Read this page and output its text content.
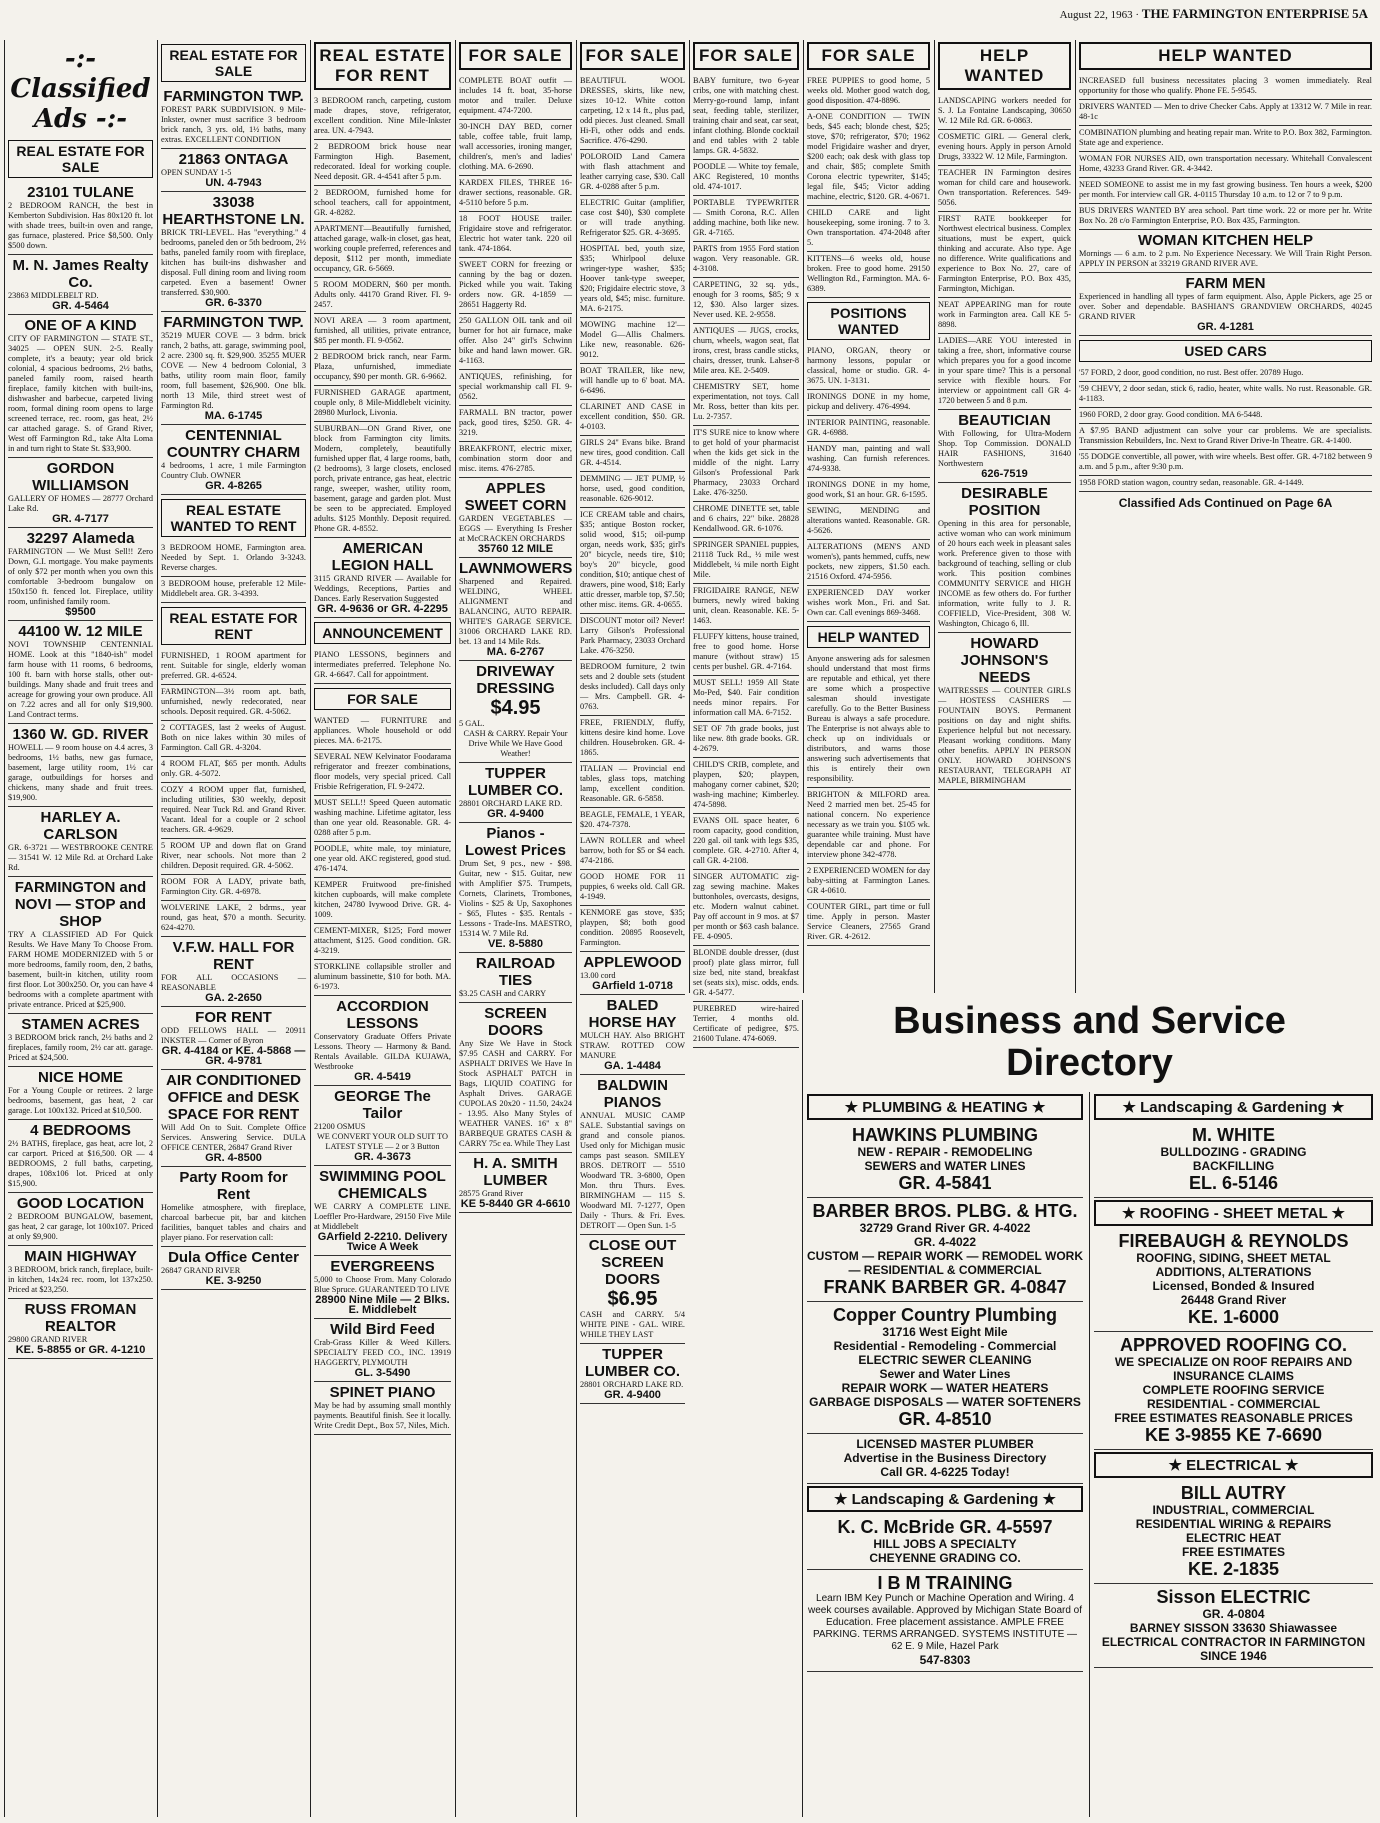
August 22, 1963 · THE FARMINGTON ENTERPRISE 5A
-:- Classified Ads -:-
REAL ESTATE FOR SALE
23101 TULANE
2 BEDROOM RANCH, the best in Kemberton Subdivision. Has 80x120 ft. lot with shade trees, built-in oven and range, gas furnace, plastered. Price $8,500. Only $500 down.
M. N. James Realty Co.
23863 MIDDLEBELT RD.
GR. 4-5464
ONE OF A KIND
CITY OF FARMINGTON — STATE ST., 34025 — OPEN SUN. 2-5. Really complete, it's a beauty; year old brick colonial, 4 spacious bedrooms, 2½ baths, paneled family room, raised hearth fireplace, family kitchen with built-ins, dishwasher and barbecue, carpeted living room, formal dining room opens to large screened terrace, rec. room, gas heat, 2½ car attached garage. S. of Grand River, West off Farmington Rd., take Alta Loma in and turn right to State St. $33,900.
GORDON WILLIAMSON
GALLERY OF HOMES — 28777 Orchard Lake Rd.
GR. 4-7177
32297 Alameda
FARMINGTON — We Must Sell!! Zero Down, G.I. mortgage. You make payments of only $72 per month when you own this comfortable 3-bedroom bungalow on 150x150 ft. fenced lot. Fireplace, utility room, unfinished family room.
$9500
44100 W. 12 MILE
NOVI TOWNSHIP CENTENNIAL HOME. Look at this "1840-ish" model farm house with 11 rooms, 6 bedrooms, 100 ft. barn with horse stalls, other out-buildings. Many shade and fruit trees and acreage for growing your own produce. All on 7.22 acres and all for only $19,900. Land Contract terms.
1360 W. GD. RIVER
HOWELL — 9 room house on 4.4 acres, 3 bedrooms, 1½ baths, new gas furnace, basement, large utility room, 1½ car garage, outbuildings for horses and chickens, many shade and fruit trees. $19,900.
HARLEY A. CARLSON
GR. 6-3721 — WESTBROOKE CENTRE — 31541 W. 12 Mile Rd. at Orchard Lake Rd.
FARMINGTON and NOVI — STOP and SHOP
TRY A CLASSIFIED AD For Quick Results. We Have Many To Choose From. FARM HOME MODERNIZED with 5 or more bedrooms, family room, den, 2 baths, basement, built-in kitchen, utility room first floor. Lot 300x250. Or, you can have 4 bedrooms with a complete apartment with private entrance. Priced at $25,900.
STAMEN ACRES
3 BEDROOM brick ranch, 2½ baths and 2 fireplaces, family room, 2½ car att. garage. Priced at $24,500.
NICE HOME
For a Young Couple or retirees. 2 large bedrooms, basement, gas heat, 2 car garage. Lot 100x132. Priced at $10,500.
4 BEDROOMS
2½ BATHS, fireplace, gas heat, acre lot, 2 car carport. Priced at $16,500. OR — 4 BEDROOMS, 2 full baths, carpeting, drapes, 108x106 lot. Priced at only $15,900.
GOOD LOCATION
2 BEDROOM BUNGALOW, basement, gas heat, 2 car garage, lot 100x107. Priced at only $9,900.
MAIN HIGHWAY
3 BEDROOM, brick ranch, fireplace, built-in kitchen, 14x24 rec. room, lot 137x250. Priced at $23,250.
RUSS FROMAN REALTOR
29800 GRAND RIVER
KE. 5-8855 or GR. 4-1210
REAL ESTATE FOR SALE
FARMINGTON TWP.
FOREST PARK SUBDIVISION. 9 Mile-Inkster, owner must sacrifice 3 bedroom brick ranch, 3 yrs. old, 1½ baths, many extras. EXCELLENT CONDITION
21863 ONTAGA
OPEN SUNDAY 1-5
UN. 4-7943
33038 HEARTHSTONE LN.
BRICK TRI-LEVEL. Has "everything." 4 bedrooms, paneled den or 5th bedroom, 2½ baths, paneled family room with fireplace, kitchen has built-ins dishwasher and disposal. Full dining room and living room carpeted. Even a basement! Owner transferred. $30,900.
GR. 6-3370
FARMINGTON TWP.
35219 MUER COVE — 3 bdrm. brick ranch, 2 baths, att. garage, swimming pool, 2 acre. 2300 sq. ft. $29,900. 35255 MUER COVE — New 4 bedroom Colonial, 3 baths, utility room main floor, family room, full basement, $26,900. One blk. north 13 Mile, third street west of Farmington Rd.
MA. 6-1745
CENTENNIAL COUNTRY CHARM
4 bedrooms, 1 acre, 1 mile Farmington Country Club. OWNER
GR. 4-8265
REAL ESTATE WANTED TO RENT
3 BEDROOM HOME, Farmington area. Needed by Sept. 1. Orlando 3-3243. Reverse charges.
3 BEDROOM house, preferable 12 Mile-Middlebelt area. GR. 3-4393.
REAL ESTATE FOR RENT
FURNISHED, 1 ROOM apartment for rent. Suitable for single, elderly woman preferred. GR. 4-6524.
FARMINGTON—3½ room apt. bath, unfurnished, newly redecorated, near schools. Deposit required. GR. 4-5062.
2 COTTAGES, last 2 weeks of August. Both on nice lakes within 30 miles of Farmington. Call GR. 4-3204.
4 ROOM FLAT, $65 per month. Adults only. GR. 4-5072.
COZY 4 ROOM upper flat, furnished, including utilities, $30 weekly, deposit required. Near Tuck Rd. and Grand River. Vacant. Ideal for a couple or 2 school teachers. GR. 4-9629.
5 ROOM UP and down flat on Grand River, near schools. Not more than 2 children. Deposit required. GR. 4-5062.
ROOM FOR A LADY, private bath, Farmington City. GR. 4-6978.
WOLVERINE LAKE, 2 bdrms., year round, gas heat, $70 a month. Security. 624-4270.
V.F.W. HALL FOR RENT
FOR ALL OCCASIONS — REASONABLE
GA. 2-2650
FOR RENT
ODD FELLOWS HALL — 20911 INKSTER — Corner of Byron
GR. 4-4184 or KE. 4-5868 — GR. 4-9781
AIR CONDITIONED OFFICE and DESK SPACE FOR RENT
Will Add On to Suit. Complete Office Services. Answering Service. DULA OFFICE CENTER, 26847 Grand River
GR. 4-8500
Party Room for Rent
Homelike atmosphere, with fireplace, charcoal barbecue pit, bar and kitchen facilities, banquet tables and chairs and player piano. For reservation call:
Dula Office Center
26847 GRAND RIVER
KE. 3-9250
REAL ESTATE FOR RENT
3 BEDROOM ranch, carpeting, custom made drapes, stove, refrigerator, excellent condition. Nine Mile-Inkster area. UN. 4-7943.
2 BEDROOM brick house near Farmington High. Basement, redecorated. Ideal for working couple. Need deposit. GR. 4-4541 after 5 p.m.
2 BEDROOM, furnished home for school teachers, call for appointment, GR. 4-8282.
APARTMENT—Beautifully furnished, attached garage, walk-in closet, gas heat, working couple preferred, references and deposit, $112 per month, immediate occupancy, GR. 6-5669.
5 ROOM MODERN, $60 per month. Adults only. 44170 Grand River. FI. 9-2457.
NOVI AREA — 3 room apartment, furnished, all utilities, private entrance, $85 per month. FI. 9-0562.
2 BEDROOM brick ranch, near Farm. Plaza, unfurnished, immediate occupancy, $90 per month. GR. 6-9662.
FURNISHED GARAGE apartment, couple only, 8 Mile-Middlebelt vicinity. 28980 Murlock, Livonia.
SUBURBAN—ON Grand River, one block from Farmington city limits. Modern, completely, beautifully furnished upper flat, 4 large rooms, bath, (2 bedrooms), 3 large closets, enclosed porch, private entrance, gas heat, electric range, sweeper, washer, utility room, basement, garage and garden plot. Must be seen to be appreciated. Employed adults. $125 Monthly. Deposit required. Phone GR. 4-8552.
AMERICAN LEGION HALL
3115 GRAND RIVER — Available for Weddings, Receptions, Parties and Dances. Early Reservation Suggested
GR. 4-9636 or GR. 4-2295
ANNOUNCEMENT
PIANO LESSONS, beginners and intermediates preferred. Telephone No. GR. 4-6647. Call for appointment.
FOR SALE
WANTED — FURNITURE and appliances. Whole household or odd pieces. MA. 6-2175.
SEVERAL NEW Kelvinator Foodarama refrigerator and freezer combinations, floor models, very special priced. Call Frisbie Refrigeration, FI. 9-2472.
MUST SELL!! Speed Queen automatic washing machine. Lifetime agitator, less than one year old. Reasonable. GR. 4-0288 after 5 p.m.
POODLE, white male, toy miniature, one year old. AKC registered, good stud. 476-1474.
KEMPER Fruitwood pre-finished kitchen cupboards, will make complete kitchen, 24780 Ivywood Drive. GR. 4-1009.
CEMENT-MIXER, $125; Ford mower attachment, $125. Good condition. GR. 4-3219.
STORKLINE collapsible stroller and aluminum bassinette, $10 for both. MA. 6-1973.
ACCORDION LESSONS
Conservatory Graduate Offers Private Lessons. Theory — Harmony & Band. Rentals Available. GILDA KUJAWA, Westbrooke
GR. 4-5419
GEORGE The Tailor
21200 OSMUS
WE CONVERT YOUR OLD SUIT TO LATEST STYLE — 2 or 3 Button
GR. 4-3673
SWIMMING POOL CHEMICALS
WE CARRY A COMPLETE LINE. Loeffler Pro-Hardware, 29150 Five Mile at Middlebelt
GArfield 2-2210. Delivery Twice A Week
EVERGREENS
5,000 to Choose From. Many Colorado Blue Spruce. GUARANTEED TO LIVE
28900 Nine Mile — 2 Blks. E. Middlebelt
Wild Bird Feed
Crab-Grass Killer & Weed Killers. SPECIALTY FEED CO., INC. 13919 HAGGERTY, PLYMOUTH
GL. 3-5490
SPINET PIANO
May be had by assuming small monthly payments. Beautiful finish. See it locally. Write Credit Dept., Box 57, Niles, Mich.
FOR SALE
COMPLETE BOAT outfit — includes 14 ft. boat, 35-horse motor and trailer. Deluxe equipment. 474-7200.
30-INCH DAY BED, corner table, coffee table, fruit lamp, wall accessories, ironing manger, children's, men's and ladies' clothing. MA. 6-2690.
KARDEX FILES, THREE 16-drawer sections, reasonable. GR. 4-5110 before 5 p.m.
18 FOOT HOUSE trailer. Frigidaire stove and refrigerator. Electric hot water tank. 220 oil tank. 474-1864.
SWEET CORN for freezing or canning by the bag or dozen. Picked while you wait. Taking orders now. GR. 4-1859 — 28651 Haggerty Rd.
250 GALLON OIL tank and oil burner for hot air furnace, make offer. Also 24" girl's Schwinn bike and hand lawn mower. GR. 4-1163.
ANTIQUES, refinishing, for special workmanship call FI. 9-0562.
FARMALL BN tractor, power pack, good tires, $250. GR. 4-3219.
BREAKFRONT, electric mixer, combination storm door and misc. items. 476-2785.
APPLES SWEET CORN
GARDEN VEGETABLES — EGGS — Everything Is Fresher at McCRACKEN ORCHARDS
35760 12 MILE
LAWNMOWERS
Sharpened and Repaired. WELDING, WHEEL ALIGNMENT and BALANCING, AUTO REPAIR. WHITE'S GARAGE SERVICE. 31006 ORCHARD LAKE RD. bet. 13 and 14 Mile Rds.
MA. 6-2767
DRIVEWAY DRESSING
$4.95
5 GAL.
CASH & CARRY. Repair Your Drive While We Have Good Weather!
TUPPER LUMBER CO.
28801 ORCHARD LAKE RD.
GR. 4-9400
Pianos - Lowest Prices
Drum Set, 9 pcs., new - $98. Guitar, new - $15. Guitar, new with Amplifier $75. Trumpets, Cornets, Clarinets, Trombones, Violins - $25 & Up, Saxophones - $65, Flutes - $35. Rentals - Lessons - Trade-Ins. MAESTRO, 15314 W. 7 Mile Rd.
VE. 8-5880
RAILROAD TIES
$3.25 CASH and CARRY
SCREEN DOORS
Any Size We Have in Stock $7.95 CASH and CARRY. For ASPHALT DRIVES We Have In Stock ASPHALT PATCH in Bags, LIQUID COATING for Asphalt Drives. GARAGE CUPOLAS 20x20 - 11.50, 24x24 - 13.95. Also Many Styles of WEATHER VANES. 16" x 8" BARBEQUE GRATES CASH & CARRY 75c ea. While They Last
H. A. SMITH LUMBER
28575 Grand River
KE 5-8440 GR 4-6610
FOR SALE
BEAUTIFUL WOOL DRESSES, skirts, like new, sizes 10-12. White cotton carpeting, 12 x 14 ft., plus pad, odd pieces. Just cleaned. Small Hi-Fi, other odds and ends. Sacrifice. 476-4290.
POLOROID Land Camera with flash attachment and leather carrying case, $30. Call GR. 4-0288 after 5 p.m.
ELECTRIC Guitar (amplifier, case cost $40), $30 complete or will trade anything. Refrigerator $25. GR. 4-3695.
HOSPITAL bed, youth size, $35; Whirlpool deluxe wringer-type washer, $35; Hoover tank-type sweeper, $20; Frigidaire electric stove, 3 years old, $45; misc. furniture. MA. 6-2175.
MOWING machine 12'—Model G—Allis Chalmers. Like new, reasonable. 626-9012.
BOAT TRAILER, like new, will handle up to 6' boat. MA. 6-6496.
CLARINET AND CASE in excellent condition, $50. GR. 4-0103.
GIRLS 24" Evans bike. Brand new tires, good condition. Call GR. 4-4514.
DEMMING — JET PUMP, ½ horse, used, good condition, reasonable. 626-9012.
ICE CREAM table and chairs, $35; antique Boston rocker, solid wood, $15; oil-pump organ, needs work, $35; girl's 20" bicycle, needs tire, $10; boy's 20" bicycle, good condition, $10; antique chest of drawers, pine wood, $18; Early attic dresser, marble top, $7.50; other misc. items. GR. 4-0655.
DISCOUNT motor oil? Never! Larry Gilson's Professional Park Pharmacy, 23033 Orchard Lake. 476-3250.
BEDROOM furniture, 2 twin sets and 2 double sets (student desks included). Call days only — Mrs. Campbell. GR. 4-0763.
FREE, FRIENDLY, fluffy, kittens desire kind home. Love children. Housebroken. GR. 4-1865.
ITALIAN — Provincial end tables, glass tops, matching lamp, excellent condition. Reasonable. GR. 6-5858.
BEAGLE, FEMALE, 1 YEAR, $20. 474-7378.
LAWN ROLLER and wheel barrow, both for $5 or $4 each. 474-2186.
GOOD HOME FOR 11 puppies, 6 weeks old. Call GR. 4-1949.
KENMORE gas stove, $35; playpen, $8; both good condition. 20895 Roosevelt, Farmington.
APPLEWOOD
13.00 cord
GArfield 1-0718
BALED HORSE HAY
MULCH HAY. Also BRIGHT STRAW. ROTTED COW MANURE
GA. 1-4484
BALDWIN PIANOS
ANNUAL MUSIC CAMP SALE. Substantial savings on grand and console pianos. Used only for Michigan music camps past season. SMILEY BROS. DETROIT — 5510 Woodward TR. 3-6800, Open Mon. thru Thurs. Eves. BIRMINGHAM — 115 S. Woodward MI. 7-1277, Open Daily - Thurs. & Fri. Eves. DETROIT — Open Sun. 1-5
CLOSE OUT SCREEN DOORS
$6.95
CASH and CARRY. 5/4 WHITE PINE - GAL. WIRE. WHILE THEY LAST
TUPPER LUMBER CO.
28801 ORCHARD LAKE RD.
GR. 4-9400
FOR SALE
BABY furniture, two 6-year cribs, one with matching chest. Merry-go-round lamp, infant seat, feeding table, sterilizer, training chair and seat, car seat, infant clothing. Blonde cocktail and end tables with 2 table lamps. GR. 4-5832.
POODLE — White toy female, AKC Registered, 10 months old. 474-1017.
PORTABLE TYPEWRITER — Smith Corona, R.C. Allen adding machine, both like new. GR. 4-7165.
PARTS from 1955 Ford station wagon. Very reasonable. GR. 4-3108.
CARPETING, 32 sq. yds., enough for 3 rooms, $85; 9 x 12, $30. Also larger sizes. Never used. KE. 2-9558.
ANTIQUES — JUGS, crocks, churn, wheels, wagon seat, flat irons, crest, brass candle sticks, chairs, dresser, trunk. Lahser-8 Mile area. KE. 2-5409.
CHEMISTRY SET, home experimentation, not toys. Call Mr. Ross, better than kits per. Lu. 2-7357.
IT'S SURE nice to know where to get hold of your pharmacist when the kids get sick in the middle of the night. Larry Gilson's Professional Park Pharmacy, 23033 Orchard Lake. 476-3250.
CHROME DINETTE set, table and 6 chairs, 22" bike. 28828 Kendallwood. GR. 6-1076.
SPRINGER SPANIEL puppies, 21118 Tuck Rd., ½ mile west Middlebelt, ¼ mile north Eight Mile.
FRIGIDAIRE RANGE, NEW burners, newly wired baking unit, clean. Reasonable. KE. 5-1463.
FLUFFY kittens, house trained, free to good home. Horse manure (without straw) 15 cents per bushel. GR. 4-7164.
MUST SELL! 1959 All State Mo-Ped, $40. Fair condition needs minor repairs. For information call MA. 6-7152.
SET OF 7th grade books, just like new. 8th grade books. GR. 4-2679.
CHILD'S CRIB, complete, and playpen, $20; playpen, mahogany corner cabinet, $20; wash-ing machine; Kimberley. 474-5898.
EVANS OIL space heater, 6 room capacity, good condition, 220 gal. oil tank with legs $35, complete. GR. 4-2710. After 4, call GR. 4-2108.
SINGER AUTOMATIC zig-zag sewing machine. Makes buttonholes, overcasts, designs, etc. Modern walnut cabinet. Pay off account in 9 mos. at $7 per month or $63 cash balance. FE. 4-0905.
BLONDE double dresser, (dust proof) plate glass mirror, full size bed, nite stand, breakfast set (seats six), misc. odds, ends. GR. 4-5477.
PUREBRED wire-haired Terrier, 4 months old. Certificate of pedigree, $75. 21600 Tulane. 474-6069.
FOR SALE
FREE PUPPIES to good home, 5 weeks old. Mother good watch dog, good disposition. 474-8896.
A-ONE CONDITION — TWIN beds, $45 each; blonde chest, $25; stove, $70; refrigerator, $70; 1962 model Frigidaire washer and dryer, $200 each; oak desk with glass top and chair, $85; complete Smith Corona electric typewriter, $145; legal file, $45; Victor adding machine, electric, $120. GR. 4-0671.
CHILD CARE and light housekeeping, some ironing. 7 to 3. Own transportation. 474-2048 after 5.
KITTENS—6 weeks old, house broken. Free to good home. 29150 Wellington Rd., Farmington. MA. 6-6389.
POSITIONS WANTED
PIANO, ORGAN, theory or harmony lessons, popular or classical, home or studio. GR. 4-3675. UN. 1-3131.
IRONINGS DONE in my home, pickup and delivery. 476-4994.
INTERIOR PAINTING, reasonable. GR. 4-6988.
HANDY man, painting and wall washing. Can furnish references. 474-9338.
IRONINGS DONE in my home, good work, $1 an hour. GR. 6-1595.
SEWING, MENDING and alterations wanted. Reasonable. GR. 4-5626.
ALTERATIONS (MEN'S AND women's), pants hemmed, cuffs, new pockets, new zippers, $1.50 each. 21516 Oxford. 474-5956.
EXPERIENCED DAY worker wishes work Mon., Fri. and Sat. Own car. Call evenings 869-3468.
HELP WANTED
Anyone answering ads for salesmen should understand that most firms are reputable and ethical, yet there are some which a prospective salesman should investigate carefully. Go to the Better Business Bureau is always a safe procedure. The Enterprise is not always able to check up on individuals or distributors, and warns those answering such advertisements that this is entirely their own responsibility.
BRIGHTON & MILFORD area. Need 2 married men bet. 25-45 for national concern. No experience necessary as we train you. $105 wk. guarantee while training. Must have dependable car and phone. For interview phone 342-4778.
2 EXPERIENCED WOMEN for day baby-sitting at Farmington Lanes. GR 4-0610.
COUNTER GIRL, part time or full time. Apply in person. Master Service Cleaners, 27565 Grand River. GR. 4-2612.
HELP WANTED
LANDSCAPING workers needed for S. J. La Fontaine Landscaping, 30650 W. 12 Mile Rd. GR. 6-0863.
COSMETIC GIRL — General clerk, evening hours. Apply in person Arnold Drugs, 33322 W. 12 Mile, Farmington.
TEACHER IN Farmington desires woman for child care and housework. Own transportation. References. 549-5056.
FIRST RATE bookkeeper for Northwest electrical business. Complex situations, must be expert, quick thinking and accurate. Also type. Age no difference. Write qualifications and experience to Box No. 27, care of Farmington Enterprise, P.O. Box 435, Farmington, Michigan.
NEAT APPEARING man for route work in Farmington area. Call KE 5-8898.
LADIES—ARE YOU interested in taking a free, short, informative course which prepares you for a good income in your spare time? This is a personal service with flexible hours. For interview or appointment call GR 4-1720 between 5 and 8 p.m.
BEAUTICIAN
With Following, for Ultra-Modern Shop. Top Commission. DONALD HAIR FASHIONS, 31640 Northwestern
626-7519
DESIRABLE POSITION
Opening in this area for personable, active woman who can work minimum of 20 hours each week in pleasant sales work. Preference given to those with background of teaching, selling or club work. This position combines COMMUNITY SERVICE and HIGH INCOME as few others do. For further information, write fully to J. R. COFFIELD, Vice-President, 308 W. Washington, Chicago 6, Ill.
HOWARD JOHNSON'S NEEDS
WAITRESSES — COUNTER GIRLS — HOSTESS CASHIERS — FOUNTAIN BOYS. Permanent positions on day and night shifts. Experience helpful but not necessary. Pleasant working conditions. Many other benefits. APPLY IN PERSON ONLY. HOWARD JOHNSON'S RESTAURANT, TELEGRAPH AT MAPLE, BIRMINGHAM
HELP WANTED
INCREASED full business necessitates placing 3 women immediately. Real opportunity for those who qualify. Phone FE. 5-9545.
DRIVERS WANTED — Men to drive Checker Cabs. Apply at 13312 W. 7 Mile in rear. 48-1c
COMBINATION plumbing and heating repair man. Write to P.O. Box 382, Farmington. State age and experience.
WOMAN FOR NURSES AID, own transportation necessary. Whitehall Convalescent Home, 43233 Grand River. GR. 4-3442.
NEED SOMEONE to assist me in my fast growing business. Ten hours a week, $200 per month. For interview call GR. 4-0115 Thursday 10 a.m. to 12 or 7 to 9 p.m.
BUS DRIVERS WANTED BY area school. Part time work. 22 or more per hr. Write Box No. 28 c/o Farmington Enterprise, P.O. Box 435, Farmington.
WOMAN KITCHEN HELP
Mornings — 6 a.m. to 2 p.m. No Experience Necessary. We Will Train Right Person. APPLY IN PERSON at 33219 GRAND RIVER AVE.
FARM MEN
Experienced in handling all types of farm equipment. Also, Apple Pickers, age 25 or over. Sober and dependable. BASHIAN'S GRANDVIEW ORCHARDS, 40245 GRAND RIVER
GR. 4-1281
USED CARS
'57 FORD, 2 door, good condition, no rust. Best offer. 20789 Hugo.
'59 CHEVY, 2 door sedan, stick 6, radio, heater, white walls. No rust. Reasonable. GR. 4-1183.
1960 FORD, 2 door gray. Good condition. MA 6-5448.
A $7.95 BAND adjustment can solve your car problems. We are specialists. Transmission Rebuilders, Inc. Next to Grand River Drive-In Theatre. GR. 4-1400.
'55 DODGE convertible, all power, with wire wheels. Best offer. GR. 4-7182 between 9 a.m. and 5 p.m., after 9:30 p.m.
1958 FORD station wagon, country sedan, reasonable. GR. 4-1449.
Classified Ads Continued on Page 6A
Business and Service
Directory
★ PLUMBING & HEATING ★
HAWKINS PLUMBING
NEW - REPAIR - REMODELING
SEWERS and WATER LINES
GR. 4-5841
BARBER BROS. PLBG. & HTG.
32729 Grand River GR. 4-4022
GR. 4-4022
CUSTOM — REPAIR WORK — REMODEL WORK — RESIDENTIAL & COMMERCIAL
FRANK BARBER GR. 4-0847
Copper Country Plumbing
31716 West Eight Mile
Residential - Remodeling - Commercial
ELECTRIC SEWER CLEANING
Sewer and Water Lines
REPAIR WORK — WATER HEATERS
GARBAGE DISPOSALS — WATER SOFTENERS
GR. 4-8510
LICENSED MASTER PLUMBER
Advertise in the Business Directory
Call GR. 4-6225 Today!
★ Landscaping & Gardening ★
K. C. McBride GR. 4-5597
HILL JOBS A SPECIALTY
CHEYENNE GRADING CO.
I B M TRAINING
Learn IBM Key Punch or Machine Operation and Wiring. 4 week courses available. Approved by Michigan State Board of Education. Free placement assistance. AMPLE FREE PARKING. TERMS ARRANGED. SYSTEMS INSTITUTE — 62 E. 9 Mile, Hazel Park
547-8303
★ Landscaping & Gardening ★
M. WHITE
BULLDOZING - GRADING
BACKFILLING
EL. 6-5146
★ ROOFING - SHEET METAL ★
FIREBAUGH & REYNOLDS
ROOFING, SIDING, SHEET METAL
ADDITIONS, ALTERATIONS
Licensed, Bonded & Insured
26448 Grand River
KE. 1-6000
APPROVED ROOFING CO.
WE SPECIALIZE ON ROOF REPAIRS AND INSURANCE CLAIMS
COMPLETE ROOFING SERVICE
RESIDENTIAL - COMMERCIAL
FREE ESTIMATES REASONABLE PRICES
KE 3-9855 KE 7-6690
★ ELECTRICAL ★
BILL AUTRY
INDUSTRIAL, COMMERCIAL
RESIDENTIAL WIRING & REPAIRS
ELECTRIC HEAT
FREE ESTIMATES
KE. 2-1835
Sisson ELECTRIC
GR. 4-0804
BARNEY SISSON 33630 Shiawassee
ELECTRICAL CONTRACTOR IN FARMINGTON SINCE 1946
